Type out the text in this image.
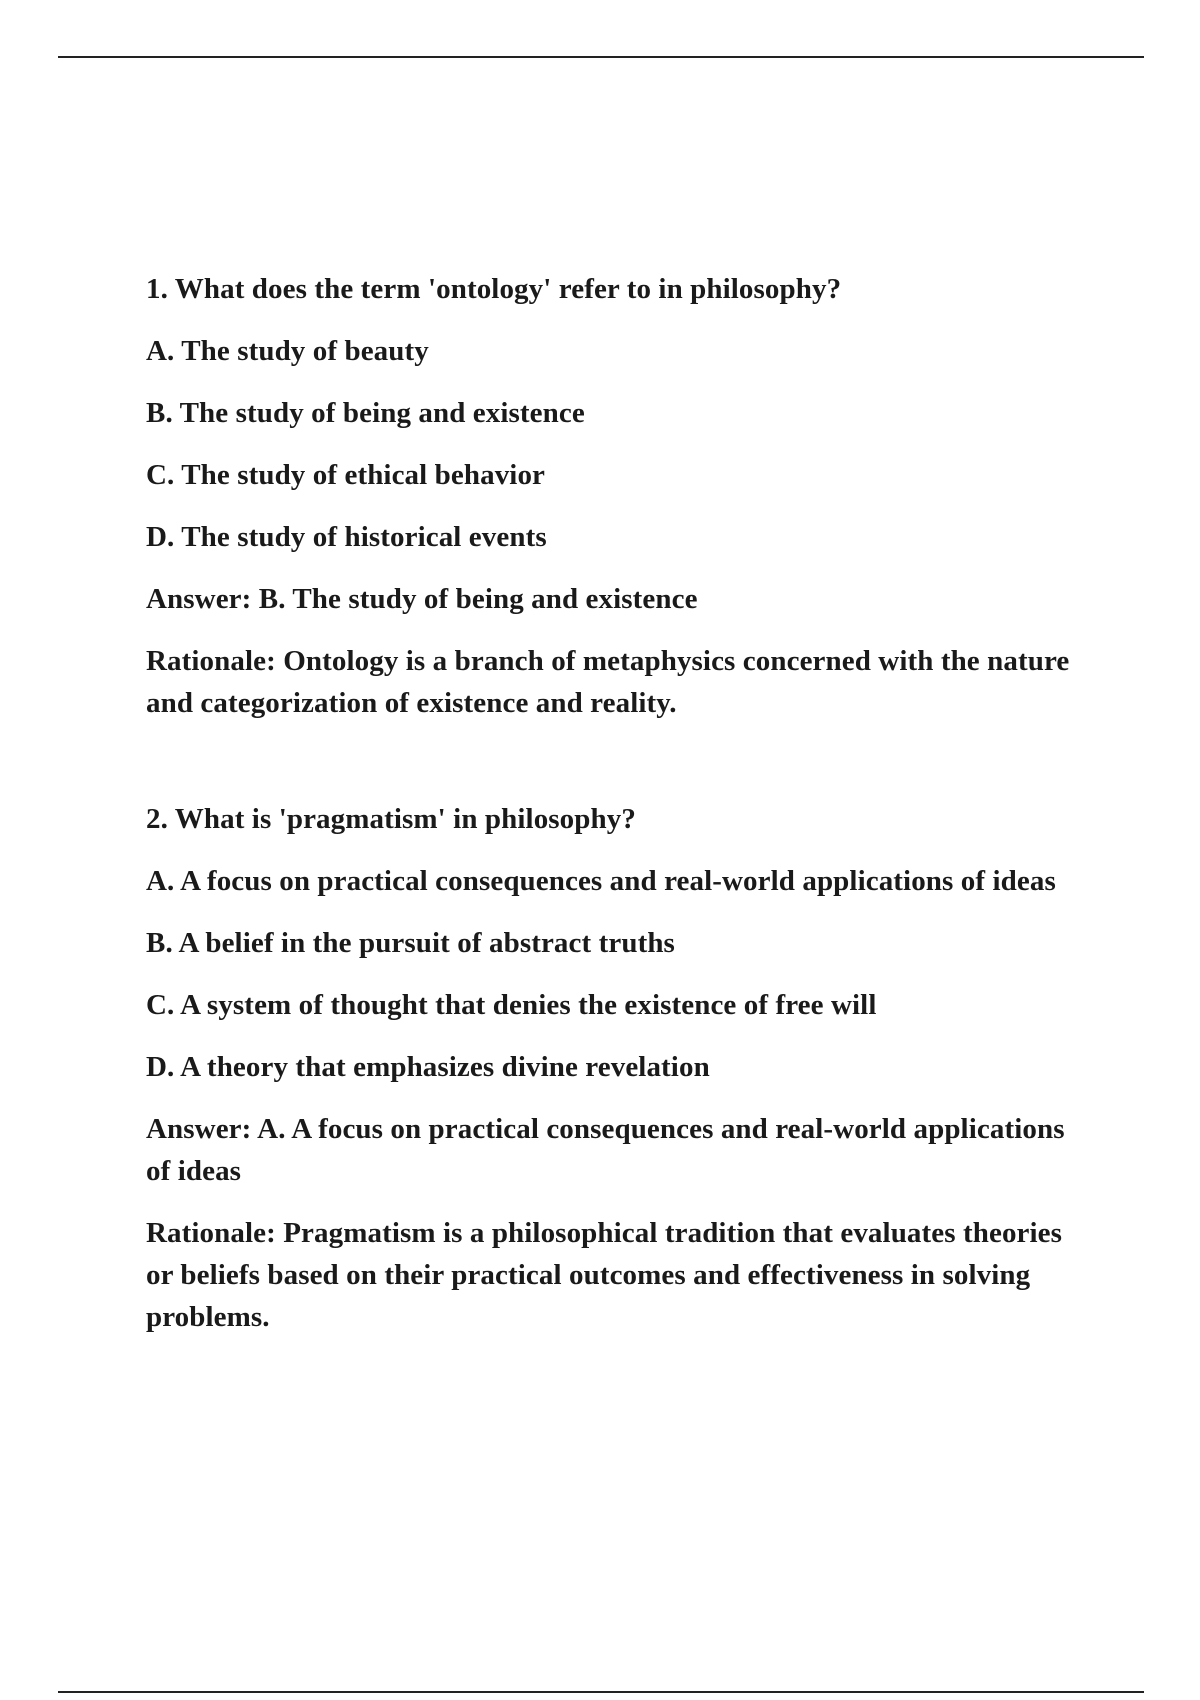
1. What does the term 'ontology' refer to in philosophy?

A. The study of beauty

B. The study of being and existence

C. The study of ethical behavior

D. The study of historical events

Answer: B. The study of being and existence

Rationale: Ontology is a branch of metaphysics concerned with the nature and categorization of existence and reality.

2. What is 'pragmatism' in philosophy?

A. A focus on practical consequences and real-world applications of ideas

B. A belief in the pursuit of abstract truths

C. A system of thought that denies the existence of free will

D. A theory that emphasizes divine revelation

Answer: A. A focus on practical consequences and real-world applications of ideas

Rationale: Pragmatism is a philosophical tradition that evaluates theories or beliefs based on their practical outcomes and effectiveness in solving problems.
